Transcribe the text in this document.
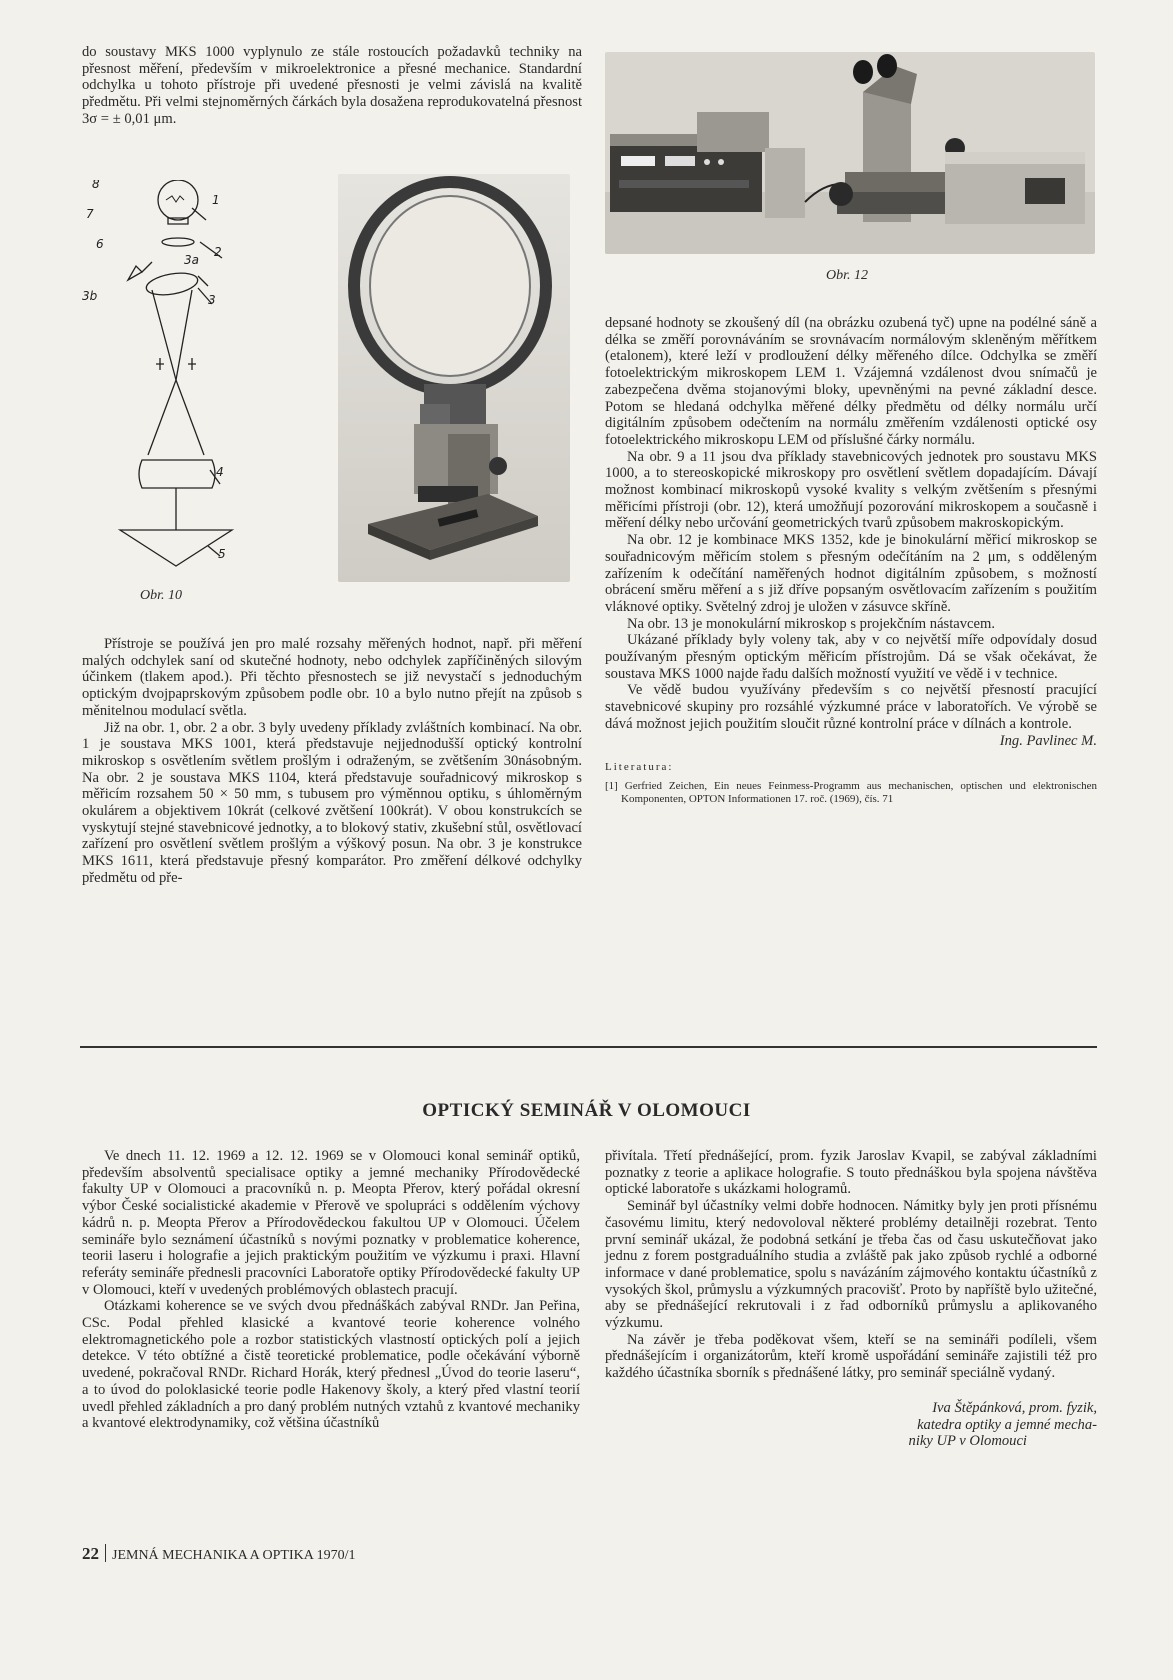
do soustavy MKS 1000 vyplynulo ze stále rostoucích požadavků techniky na přesnost měření, především v mikroelektronice a přesné mechanice. Standardní odchylka u tohoto přístroje při uvedené přesnosti je velmi závislá na kvalitě předmětu. Při velmi stejnoměrných čárkách byla dosažena reprodukovatelná přesnost 3σ = ± 0,01 μm.

8
1
7
6
2
3a
3b	3
4
5
Obr. 10

Přístroje se používá jen pro malé rozsahy měřených hodnot, např. při měření malých odchylek saní od skutečné hodnoty, nebo odchylek zapříčiněných silovým účinkem (tlakem apod.). Při těchto přesnostech se již nevystačí s jednoduchým optickým dvojpaprskovým způsobem podle obr. 10 a bylo nutno přejít na způsob s měnitelnou modulací světla.

Již na obr. 1, obr. 2 a obr. 3 byly uvedeny příklady zvláštních kombinací. Na obr. 1 je soustava MKS 1001, která představuje nejjednodušší optický kontrolní mikroskop s osvětlením světlem prošlým i odraženým, se zvětšením 30násobným. Na obr. 2 je soustava MKS 1104, která představuje souřadnicový mikroskop s měřicím rozsahem 50 × 50 mm, s tubusem pro výměnnou optiku, s úhloměrným okulárem a objektivem 10krát (celkové zvětšení 100krát). V obou konstrukcích se vyskytují stejné stavebnicové jednotky, a to blokový stativ, zkušební stůl, osvětlovací zařízení pro osvětlení světlem prošlým a výškový posun. Na obr. 3 je konstrukce MKS 1611, která představuje přesný komparátor. Pro změření délkové odchylky předmětu od pře-

Obr. 12

depsané hodnoty se zkoušený díl (na obrázku ozubená tyč) upne na podélné sáně a délka se změří porovnáváním se srovnávacím normálovým skleněným měřítkem (etalonem), které leží v prodloužení délky měřeného dílce. Odchylka se změří fotoelektrickým mikroskopem LEM 1. Vzájemná vzdálenost dvou snímačů je zabezpečena dvěma stojanovými bloky, upevněnými na pevné základní desce. Potom se hledaná odchylka měřené délky předmětu od délky normálu určí digitálním způsobem odečtením na normálu změřením vzdálenosti optické osy fotoelektrického mikroskopu LEM od příslušné čárky normálu.

Na obr. 9 a 11 jsou dva příklady stavebnicových jednotek pro soustavu MKS 1000, a to stereoskopické mikroskopy pro osvětlení světlem dopadajícím. Dávají možnost kombinací mikroskopů vysoké kvality s velkým zvětšením s přesnými měřicími přístroji (obr. 12), která umožňují pozorování mikroskopem a současně i měření délky nebo určování geometrických tvarů způsobem makroskopickým.

Na obr. 12 je kombinace MKS 1352, kde je binokulární měřicí mikroskop se souřadnicovým měřicím stolem s přesným odečítáním na 2 μm, s odděleným zařízením k odečítání naměřených hodnot digitálním způsobem, s možností obrácení směru měření a s již dříve popsaným osvětlovacím zařízením s použitím vláknové optiky. Světelný zdroj je uložen v zásuvce skříně.

Na obr. 13 je monokulární mikroskop s projekčním nástavcem.

Ukázané příklady byly voleny tak, aby v co největší míře odpovídaly dosud používaným přesným optickým měřicím přístrojům. Dá se však očekávat, že soustava MKS 1000 najde řadu dalších možností využití ve vědě i v technice.

Ve vědě budou využívány především s co největší přesností pracující stavebnicové skupiny pro rozsáhlé výzkumné práce v laboratořích. Ve výrobě se dává možnost jejich použitím sloučit různé kontrolní práce v dílnách a kontrole.

Ing. Pavlinec M.
Literatura:
[1] Gerfried Zeichen, Ein neues Feinmess-Programm aus mechanischen, optischen und elektronischen Komponenten, OPTON Informationen 17. roč. (1969), čís. 71
OPTICKÝ SEMINÁŘ V OLOMOUCI

Ve dnech 11. 12. 1969 a 12. 12. 1969 se v Olomouci konal seminář optiků, především absolventů specialisace optiky a jemné mechaniky Přírodovědecké fakulty UP v Olomouci a pracovníků n. p. Meopta Přerov, který pořádal okresní výbor České socialistické akademie v Přerově ve spolupráci s oddělením výchovy kádrů n. p. Meopta Přerov a Přírodovědeckou fakultou UP v Olomouci. Účelem semináře bylo seznámení účastníků s novými poznatky v problematice koherence, teorii laseru i holografie a jejich praktickým použitím ve výzkumu i praxi. Hlavní referáty semináře přednesli pracovníci Laboratoře optiky Přírodovědecké fakulty UP v Olomouci, kteří v uvedených problémových oblastech pracují.

Otázkami koherence se ve svých dvou přednáškách zabýval RNDr. Jan Peřina, CSc. Podal přehled klasické a kvantové teorie koherence volného elektromagnetického pole a rozbor statistických vlastností optických polí a jejich detekce. V této obtížné a čistě teoretické problematice, podle očekávání výborně uvedené, pokračoval RNDr. Richard Horák, který přednesl „Úvod do teorie laseru“, a to úvod do poloklasické teorie podle Hakenovy školy, a který před vlastní teorií uvedl přehled základních a pro daný problém nutných vztahů z kvantové mechaniky a kvantové elektrodynamiky, což většina účastníků

přivítala. Třetí přednášející, prom. fyzik Jaroslav Kvapil, se zabýval základními poznatky z teorie a aplikace holografie. S touto přednáškou byla spojena návštěva optické laboratoře s ukázkami hologramů.

Seminář byl účastníky velmi dobře hodnocen. Námitky byly jen proti přísnému časovému limitu, který nedovoloval některé problémy detailněji rozebrat. Tento první seminář ukázal, že podobná setkání je třeba čas od času uskutečňovat jako jednu z forem postgraduálního studia a zvláště pak jako způsob rychlé a odborné informace v dané problematice, spolu s navázáním zájmového kontaktu účastníků z vysokých škol, průmyslu a výzkumných pracovišť. Proto by napříště bylo užitečné, aby se přednášející rekrutovali i z řad odborníků průmyslu a aplikovaného výzkumu.

Na závěr je třeba poděkovat všem, kteří se na semináři podíleli, všem přednášejícím i organizátorům, kteří kromě uspořádání semináře zajistili též pro každého účastníka sborník s přednášené látky, pro seminář speciálně vydaný.

Iva Štěpánková, prom. fyzik,
katedra optiky a jemné mecha-
niky UP v Olomouci
22 JEMNÁ MECHANIKA A OPTIKA 1970/1
